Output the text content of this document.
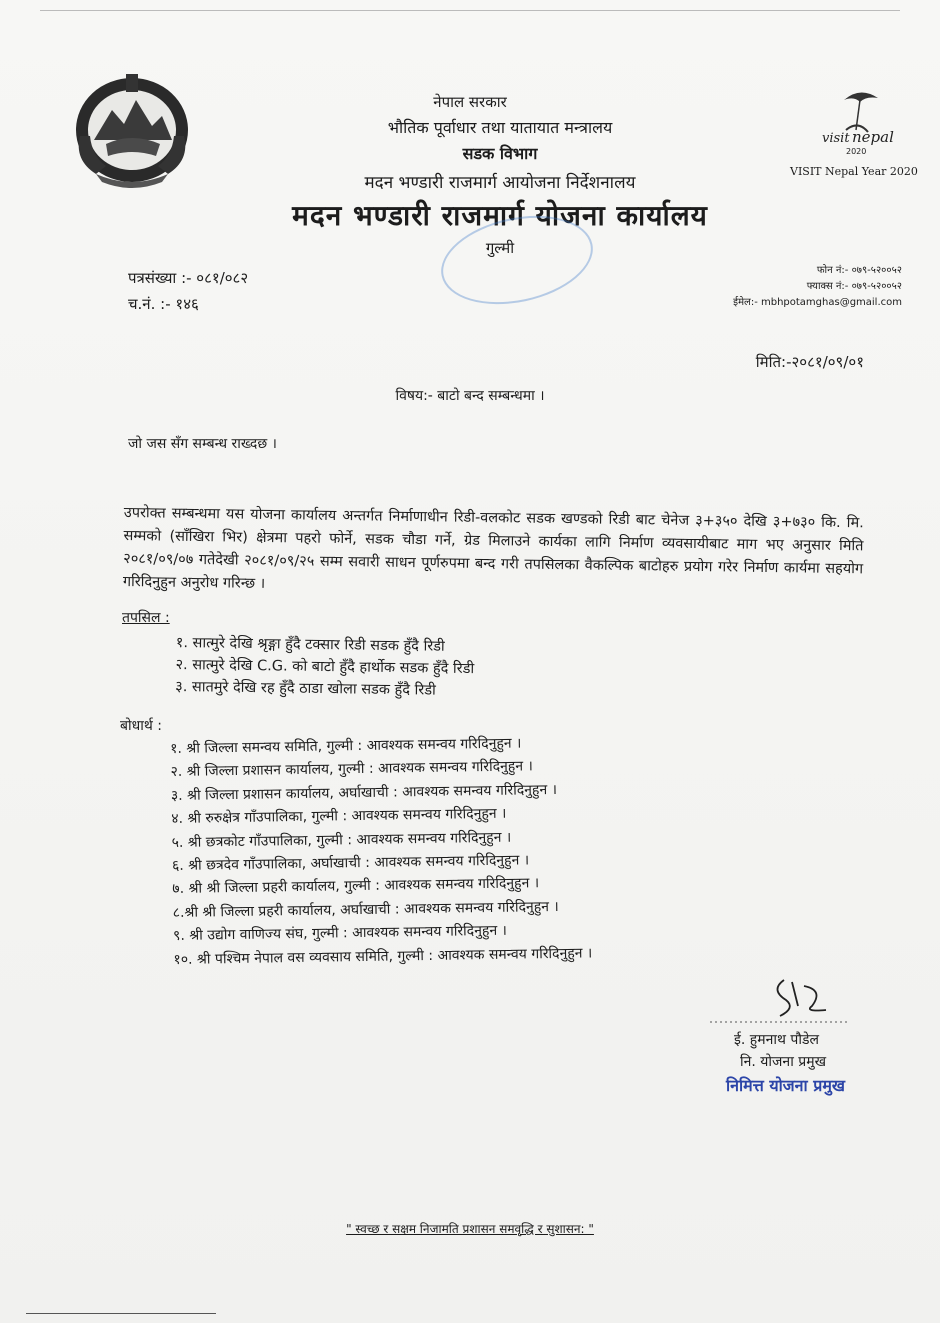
visit nepal
2020
VISIT Nepal Year 2020
नेपाल सरकार
भौतिक पूर्वाधार तथा यातायात मन्त्रालय
सडक विभाग
मदन भण्डारी राजमार्ग आयोजना निर्देशनालय
मदन भण्डारी राजमार्ग योजना कार्यालय
गुल्मी
पत्रसंख्या :- ०८१/०८२
च.नं. :- १४६
फोन नं:- ०७९-५२००५२
फ्याक्स नं:- ०७९-५२००५२
ईमेल:- mbhpotamghas@gmail.com
मिति:-२०८१/०९/०१
विषय:- बाटो बन्द सम्बन्धमा ।
जो जस सँग सम्बन्ध राख्दछ ।
उपरोक्त सम्बन्धमा यस योजना कार्यालय अन्तर्गत निर्माणाधीन रिडी-वलकोट सडक खण्डको रिडी बाट चेनेज ३+३५० देखि ३+७३० कि. मि. सम्मको (साँखिरा भिर) क्षेत्रमा पहरो फोर्ने, सडक चौडा गर्ने, ग्रेड मिलाउने कार्यका लागि निर्माण व्यवसायीबाट माग भए अनुसार मिति २०८१/०९/०७ गतेदेखी २०८१/०९/२५ सम्म सवारी साधन पूर्णरुपमा बन्द गरी तपसिलका वैकल्पिक बाटोहरु प्रयोग गरेर निर्माण कार्यमा सहयोग गरिदिनुहुन अनुरोध गरिन्छ ।
तपसिल :
१. सात्मुरे देखि श्रृङ्गा हुँदै टक्सार रिडी सडक हुँदै रिडी
२. सात्मुरे देखि C.G. को बाटो हुँदै हार्थोक सडक हुँदै रिडी
३. सातमुरे देखि रह हुँदै ठाडा खोला सडक हुँदै रिडी
बोधार्थ :
१. श्री जिल्ला समन्वय समिति, गुल्मी : आवश्यक समन्वय गरिदिनुहुन ।
२. श्री जिल्ला प्रशासन कार्यालय, गुल्मी : आवश्यक समन्वय गरिदिनुहुन ।
३. श्री जिल्ला प्रशासन कार्यालय, अर्घाखाची : आवश्यक समन्वय गरिदिनुहुन ।
४. श्री रुरुक्षेत्र गाँउपालिका, गुल्मी : आवश्यक समन्वय गरिदिनुहुन ।
५. श्री छत्रकोट गाँउपालिका, गुल्मी : आवश्यक समन्वय गरिदिनुहुन ।
६. श्री छत्रदेव गाँउपालिका, अर्घाखाची : आवश्यक समन्वय गरिदिनुहुन ।
७. श्री श्री जिल्ला प्रहरी कार्यालय, गुल्मी : आवश्यक समन्वय गरिदिनुहुन ।
८.श्री श्री जिल्ला प्रहरी कार्यालय, अर्घाखाची : आवश्यक समन्वय गरिदिनुहुन ।
९. श्री उद्योग वाणिज्य संघ, गुल्मी : आवश्यक समन्वय गरिदिनुहुन ।
१०. श्री पश्चिम नेपाल वस व्यवसाय समिति, गुल्मी : आवश्यक समन्वय गरिदिनुहुन ।
ई. हुमनाथ पौडेल
नि. योजना प्रमुख
निमित्त योजना प्रमुख
" स्वच्छ र सक्षम निजामति प्रशासन समवृद्धि र सुशासन: "
